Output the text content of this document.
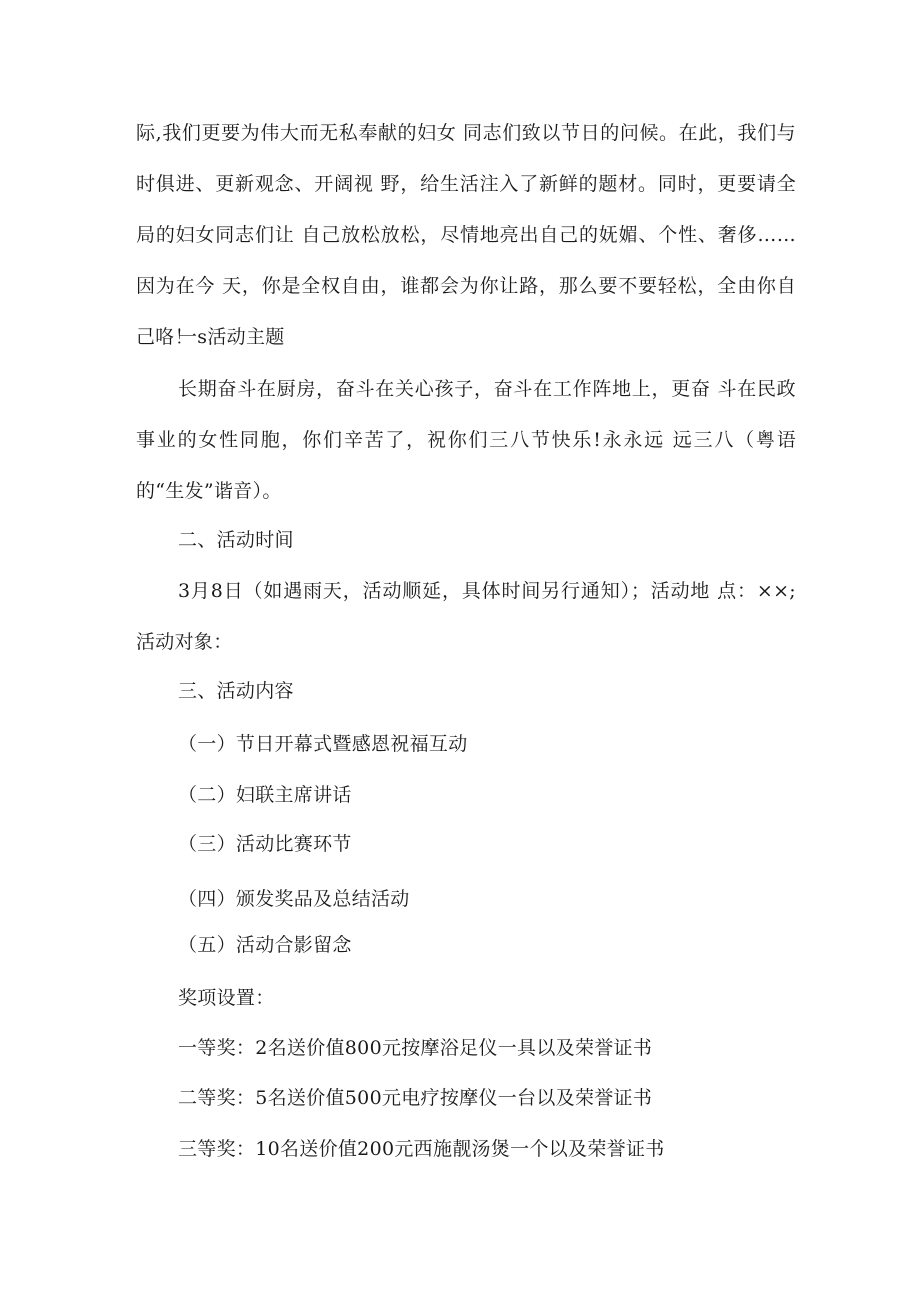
际,我们更要为伟大而无私奉献的妇女 同志们致以节日的问候。在此，我们与时俱进、更新观念、开阔视 野，给生活注入了新鲜的题材。同时，更要请全局的妇女同志们让 自己放松放松，尽情地亮出自己的妩媚、个性、奢侈……因为在今 天，你是全权自由，谁都会为你让路，那么要不要轻松，全由你自 己咯！

一s活动主题

长期奋斗在厨房，奋斗在关心孩子，奋斗在工作阵地上，更奋 斗在民政事业的女性同胞，你们辛苦了，祝你们三八节快乐!永永远 远三八（粤语的“生发”谐音）。

二、活动时间

3月8日（如遇雨天，活动顺延，具体时间另行通知）；活动地 点：××;活动对象：

三、活动内容

（一）节日开幕式暨感恩祝福互动

（二）妇联主席讲话

（三）活动比赛环节

（四）颁发奖品及总结活动

（五）活动合影留念

奖项设置：

一等奖：2名送价值800元按摩浴足仪一具以及荣誉证书

二等奖：5名送价值500元电疗按摩仪一台以及荣誉证书

三等奖：10名送价值200元西施靓汤煲一个以及荣誉证书
